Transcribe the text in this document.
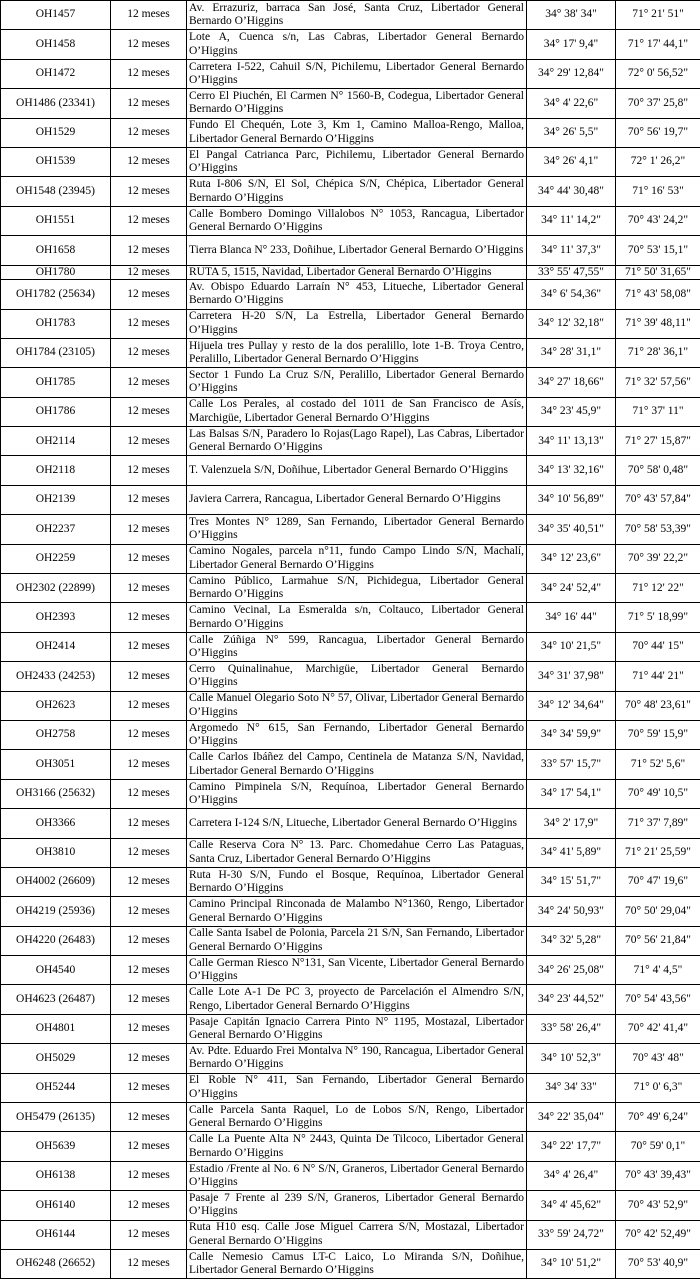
OH1457	12 meses	Av. Errazuriz, barraca San José, Santa Cruz, Libertador General Bernardo O’Higgins	34° 38' 34"	71° 21' 51"
OH1458	12 meses	Lote A, Cuenca s/n, Las Cabras, Libertador General Bernardo O’Higgins	34° 17' 9,4"	71° 17' 44,1"
OH1472	12 meses	Carretera I-522, Cahuil S/N, Pichilemu, Libertador General Bernardo O’Higgins	34° 29' 12,84"	72° 0' 56,52"
OH1486 (23341)	12 meses	Cerro El Piuchén, El Carmen N° 1560-B, Codegua, Libertador General Bernardo O’Higgins	34° 4' 22,6"	70° 37' 25,8"
OH1529	12 meses	Fundo El Chequén, Lote 3, Km 1, Camino Malloa-Rengo, Malloa, Libertador General Bernardo O’Higgins	34° 26' 5,5"	70° 56' 19,7"
OH1539	12 meses	El Pangal Catrianca Parc, Pichilemu, Libertador General Bernardo O’Higgins	34° 26' 4,1"	72° 1' 26,2"
OH1548 (23945)	12 meses	Ruta I-806 S/N, El Sol, Chépica S/N, Chépica, Libertador General Bernardo O’Higgins	34° 44' 30,48"	71° 16' 53"
OH1551	12 meses	Calle Bombero Domingo Villalobos N° 1053, Rancagua, Libertador General Bernardo O’Higgins	34° 11' 14,2"	70° 43' 24,2"
OH1658	12 meses	Tierra Blanca N° 233, Doñihue, Libertador General Bernardo O’Higgins	34° 11' 37,3"	70° 53' 15,1"
OH1780	12 meses	RUTA 5, 1515, Navidad, Libertador General Bernardo O’Higgins	33° 55' 47,55"	71° 50' 31,65"
OH1782 (25634)	12 meses	Av. Obispo Eduardo Larraín N° 453, Litueche, Libertador General Bernardo O’Higgins	34° 6' 54,36"	71° 43' 58,08"
OH1783	12 meses	Carretera H-20 S/N, La Estrella, Libertador General Bernardo O’Higgins	34° 12' 32,18"	71° 39' 48,11"
OH1784 (23105)	12 meses	Hijuela tres Pullay y resto de la dos peralillo, lote 1-B. Troya Centro, Peralillo, Libertador General Bernardo O’Higgins	34° 28' 31,1"	71° 28' 36,1"
OH1785	12 meses	Sector 1 Fundo La Cruz S/N, Peralillo, Libertador General Bernardo O’Higgins	34° 27' 18,66"	71° 32' 57,56"
OH1786	12 meses	Calle Los Perales, al costado del 1011 de San Francisco de Asís, Marchigüe, Libertador General Bernardo O’Higgins	34° 23' 45,9"	71° 37' 11"
OH2114	12 meses	Las Balsas S/N, Paradero lo Rojas(Lago Rapel), Las Cabras, Libertador General Bernardo O’Higgins	34° 11' 13,13"	71° 27' 15,87"
OH2118	12 meses	T. Valenzuela S/N, Doñihue, Libertador General Bernardo O’Higgins	34° 13' 32,16"	70° 58' 0,48"
OH2139	12 meses	Javiera Carrera, Rancagua, Libertador General Bernardo O’Higgins	34° 10' 56,89"	70° 43' 57,84"
OH2237	12 meses	Tres Montes N° 1289, San Fernando, Libertador General Bernardo O’Higgins	34° 35' 40,51"	70° 58' 53,39"
OH2259	12 meses	Camino Nogales, parcela n°11, fundo Campo Lindo S/N, Machalí, Libertador General Bernardo O’Higgins	34° 12' 23,6"	70° 39' 22,2"
OH2302 (22899)	12 meses	Camino Público, Larmahue S/N, Pichidegua, Libertador General Bernardo O’Higgins	34° 24' 52,4"	71° 12' 22"
OH2393	12 meses	Camino Vecinal, La Esmeralda s/n, Coltauco, Libertador General Bernardo O’Higgins	34° 16' 44"	71° 5' 18,99"
OH2414	12 meses	Calle Zúñiga N° 599, Rancagua, Libertador General Bernardo O’Higgins	34° 10' 21,5"	70° 44' 15"
OH2433 (24253)	12 meses	Cerro Quinalinahue, Marchigüe, Libertador General Bernardo O’Higgins	34° 31' 37,98"	71° 44' 21"
OH2623	12 meses	Calle Manuel Olegario Soto N° 57, Olivar, Libertador General Bernardo O’Higgins	34° 12' 34,64"	70° 48' 23,61"
OH2758	12 meses	Argomedo N° 615, San Fernando, Libertador General Bernardo O’Higgins	34° 34' 59,9"	70° 59' 15,9"
OH3051	12 meses	Calle Carlos Ibáñez del Campo, Centinela de Matanza S/N, Navidad, Libertador General Bernardo O’Higgins	33° 57' 15,7"	71° 52' 5,6"
OH3166 (25632)	12 meses	Camino Pimpinela S/N, Requínoa, Libertador General Bernardo O’Higgins	34° 17' 54,1"	70° 49' 10,5"
OH3366	12 meses	Carretera I-124 S/N, Litueche, Libertador General Bernardo O’Higgins	34° 2' 17,9"	71° 37' 7,89"
OH3810	12 meses	Calle Reserva Cora N° 13. Parc. Chomedahue Cerro Las Pataguas, Santa Cruz, Libertador General Bernardo O’Higgins	34° 41' 5,89"	71° 21' 25,59"
OH4002 (26609)	12 meses	Ruta H-30 S/N, Fundo el Bosque, Requínoa, Libertador General Bernardo O’Higgins	34° 15' 51,7"	70° 47' 19,6"
OH4219 (25936)	12 meses	Camino Principal Rinconada de Malambo N°1360, Rengo, Libertador General Bernardo O’Higgins	34° 24' 50,93"	70° 50' 29,04"
OH4220 (26483)	12 meses	Calle Santa Isabel de Polonia, Parcela 21 S/N, San Fernando, Libertador General Bernardo O’Higgins	34° 32' 5,28"	70° 56' 21,84"
OH4540	12 meses	Calle German Riesco N°131, San Vicente, Libertador General Bernardo O’Higgins	34° 26' 25,08"	71° 4' 4,5"
OH4623 (26487)	12 meses	Calle Lote A-1 De PC 3, proyecto de Parcelación el Almendro S/N, Rengo, Libertador General Bernardo O’Higgins	34° 23' 44,52"	70° 54' 43,56"
OH4801	12 meses	Pasaje Capitán Ignacio Carrera Pinto N° 1195, Mostazal, Libertador General Bernardo O’Higgins	33° 58' 26,4"	70° 42' 41,4"
OH5029	12 meses	Av. Pdte. Eduardo Frei Montalva N° 190, Rancagua, Libertador General Bernardo O’Higgins	34° 10' 52,3"	70° 43' 48"
OH5244	12 meses	El Roble N° 411, San Fernando, Libertador General Bernardo O’Higgins	34° 34' 33"	71° 0' 6,3"
OH5479 (26135)	12 meses	Calle Parcela Santa Raquel, Lo de Lobos S/N, Rengo, Libertador General Bernardo O’Higgins	34° 22' 35,04"	70° 49' 6,24"
OH5639	12 meses	Calle La Puente Alta N° 2443, Quinta De Tilcoco, Libertador General Bernardo O’Higgins	34° 22' 17,7"	70° 59' 0,1"
OH6138	12 meses	Estadio /Frente al No. 6 N° S/N, Graneros, Libertador General Bernardo O’Higgins	34° 4' 26,4"	70° 43' 39,43"
OH6140	12 meses	Pasaje 7 Frente al 239 S/N, Graneros, Libertador General Bernardo O’Higgins	34° 4' 45,62"	70° 43' 52,9"
OH6144	12 meses	Ruta H10 esq. Calle Jose Miguel Carrera S/N, Mostazal, Libertador General Bernardo O’Higgins	33° 59' 24,72"	70° 42' 52,49"
OH6248 (26652)	12 meses	Calle Nemesio Camus LT-C Laico, Lo Miranda S/N, Doñihue, Libertador General Bernardo O’Higgins	34° 10' 51,2"	70° 53' 40,9"
